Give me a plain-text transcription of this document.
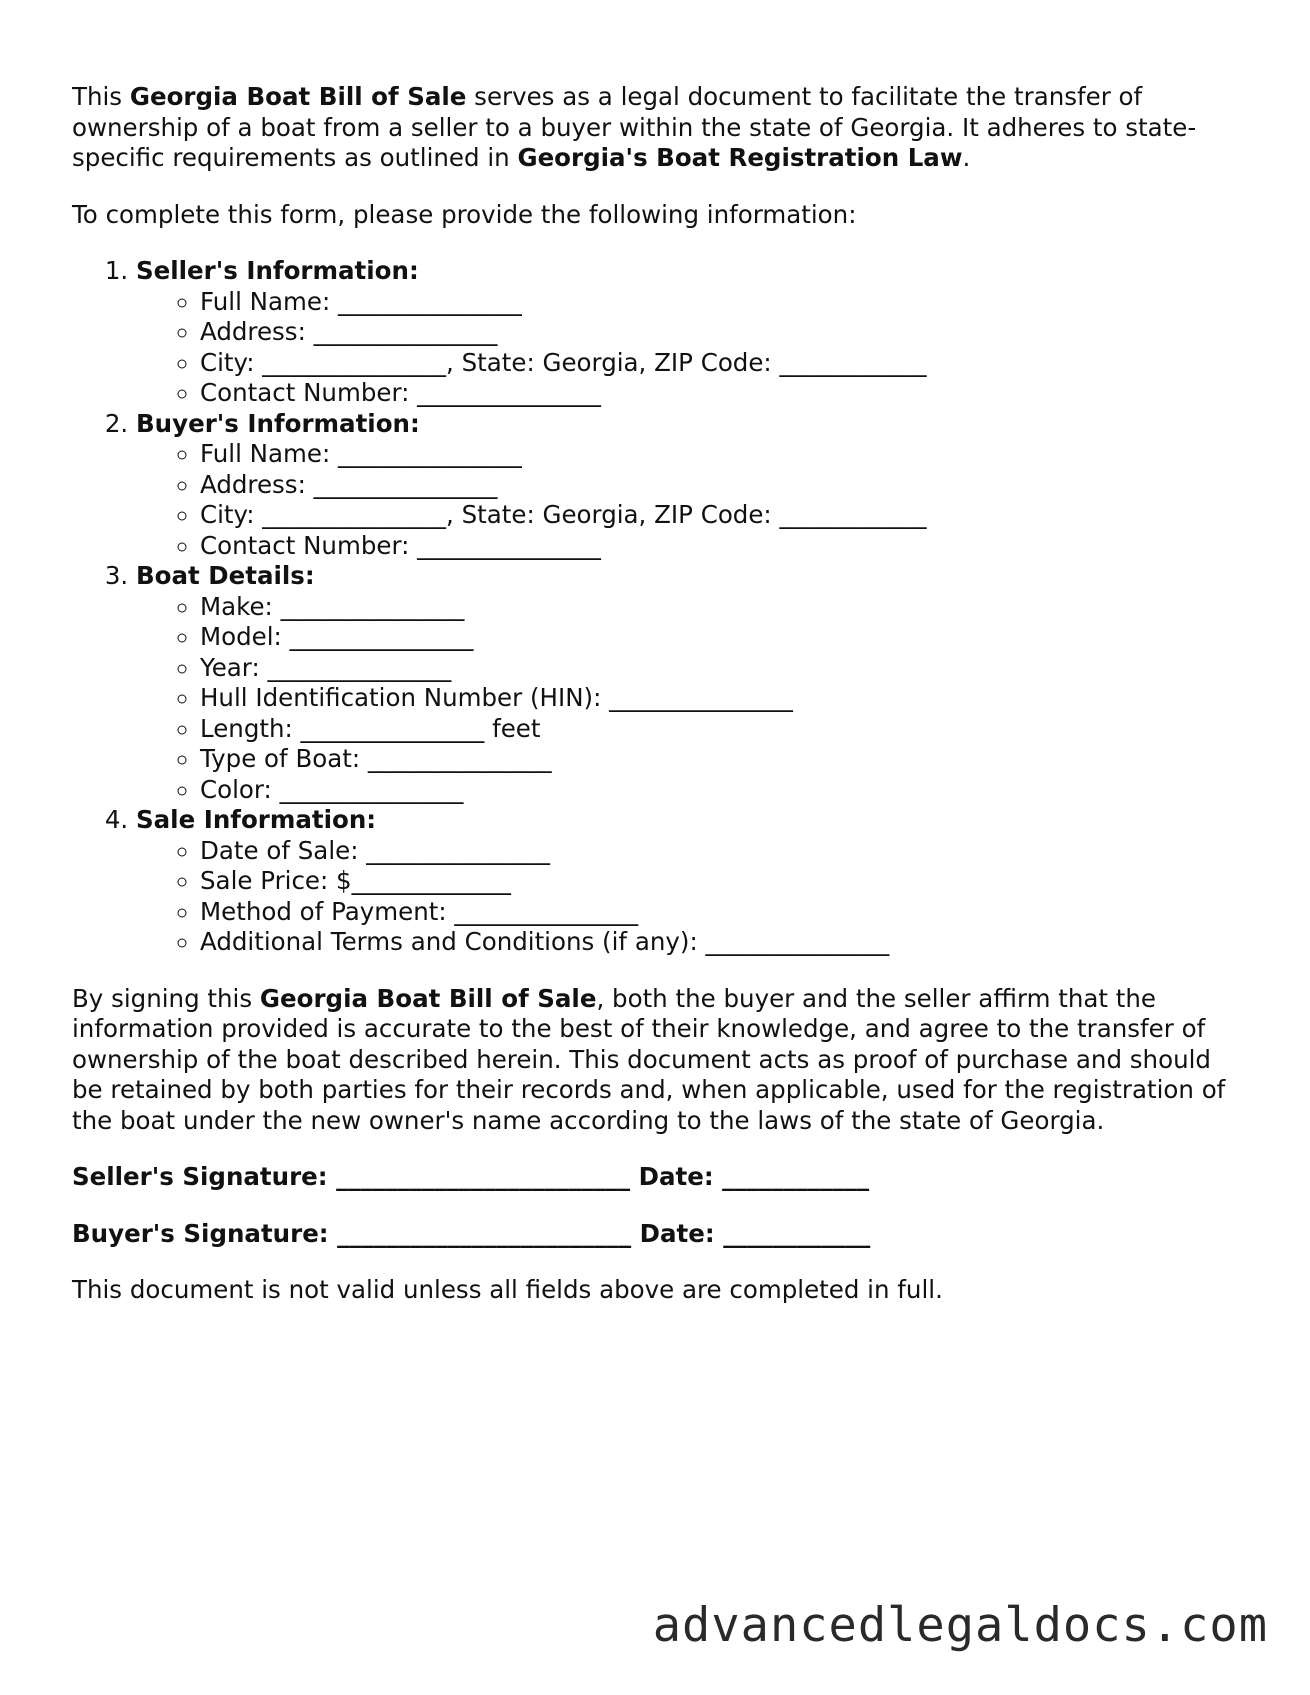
This Georgia Boat Bill of Sale serves as a legal document to facilitate the transfer of ownership of a boat from a seller to a buyer within the state of Georgia. It adheres to state-specific requirements as outlined in Georgia's Boat Registration Law.

To complete this form, please provide the following information:

1. Seller's Information:
◦ Full Name: _______________
◦ Address: _______________
◦ City: _______________, State: Georgia, ZIP Code: ____________
◦ Contact Number: _______________
2. Buyer's Information:
◦ Full Name: _______________
◦ Address: _______________
◦ City: _______________, State: Georgia, ZIP Code: ____________
◦ Contact Number: _______________
3. Boat Details:
◦ Make: _______________
◦ Model: _______________
◦ Year: _______________
◦ Hull Identification Number (HIN): _______________
◦ Length: _______________ feet
◦ Type of Boat: _______________
◦ Color: _______________
4. Sale Information:
◦ Date of Sale: _______________
◦ Sale Price: $_____________
◦ Method of Payment: _______________
◦ Additional Terms and Conditions (if any): _______________

By signing this Georgia Boat Bill of Sale, both the buyer and the seller affirm that the information provided is accurate to the best of their knowledge, and agree to the transfer of ownership of the boat described herein. This document acts as proof of purchase and should be retained by both parties for their records and, when applicable, used for the registration of the boat under the new owner's name according to the laws of the state of Georgia.

Seller's Signature: ________________________ Date: ____________

Buyer's Signature: ________________________ Date: ____________

This document is not valid unless all fields above are completed in full.

advancedlegaldocs.com
